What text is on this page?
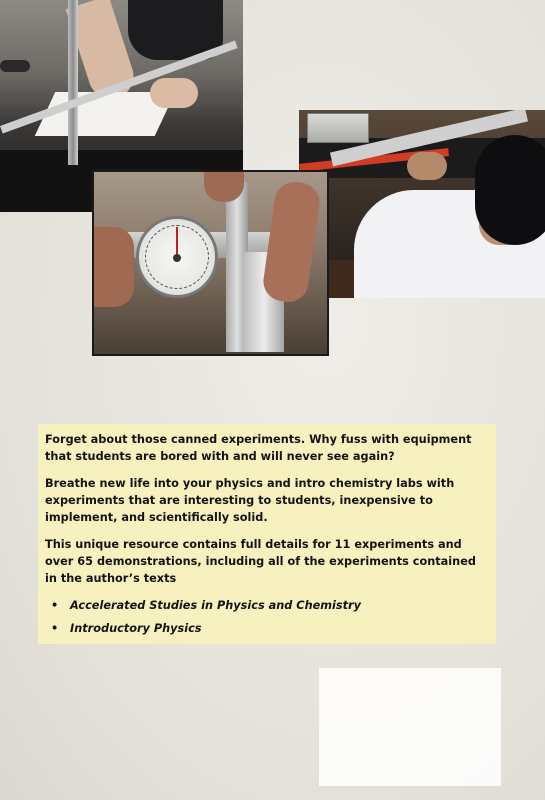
Forget about those canned experiments. Why fuss with equipment that students are bored with and will never see again?

Breathe new life into your physics and intro chemistry labs with experiments that are interesting to students, inexpensive to implement, and scientifically solid.

This unique resource contains full details for 11 experiments and over 65 demonstrations, including all of the experiments contained in the author’s texts

• Accelerated Studies in Physics and Chemistry
• Introductory Physics
